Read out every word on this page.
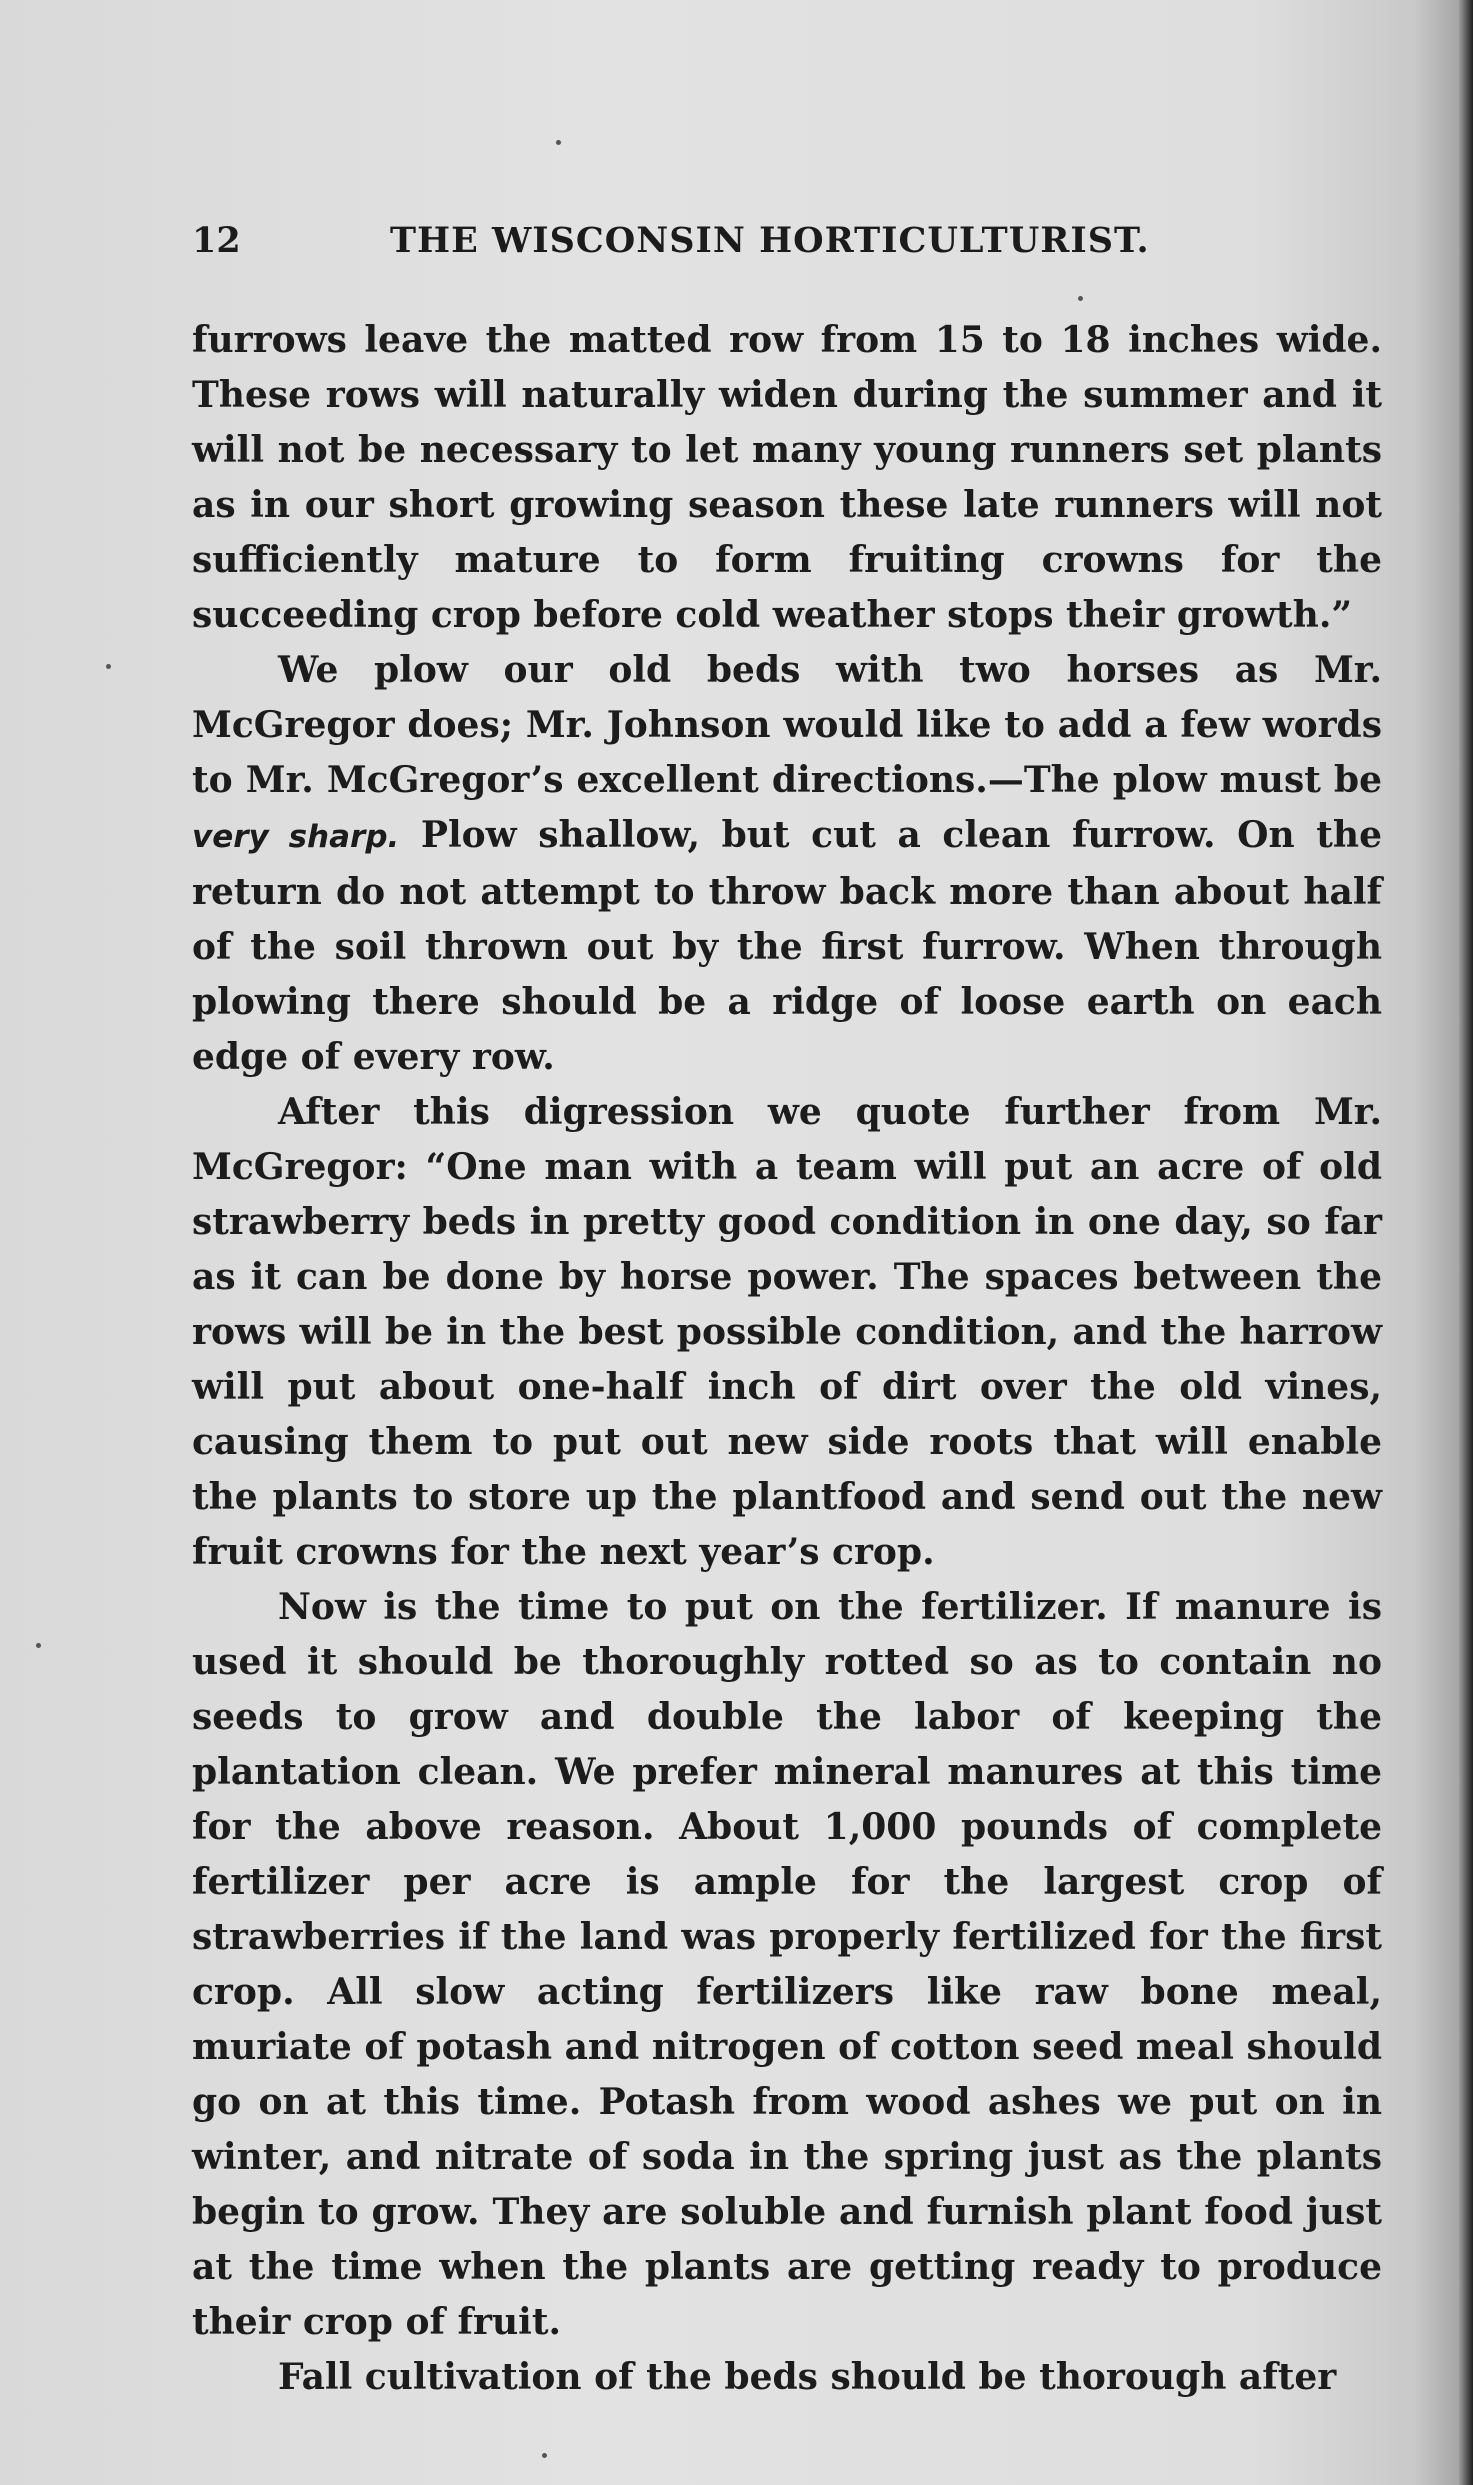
12	THE WISCONSIN HORTICULTURIST.

furrows leave the matted row from 15 to 18 inches wide. These rows will naturally widen during the summer and it will not be necessary to let many young runners set plants as in our short growing season these late runners will not sufficiently mature to form fruiting crowns for the succeeding crop before cold weather stops their growth.”

We plow our old beds with two horses as Mr. McGregor does; Mr. Johnson would like to add a few words to Mr. McGregor’s excellent directions.—The plow must be very sharp. Plow shallow, but cut a clean furrow. On the return do not attempt to throw back more than about half of the soil thrown out by the first furrow. When through plowing there should be a ridge of loose earth on each edge of every row.

After this digression we quote further from Mr. McGregor: “One man with a team will put an acre of old strawberry beds in pretty good condition in one day, so far as it can be done by horse power. The spaces between the rows will be in the best possible condition, and the harrow will put about one-half inch of dirt over the old vines, causing them to put out new side roots that will enable the plants to store up the plantfood and send out the new fruit crowns for the next year’s crop.

Now is the time to put on the fertilizer. If manure is used it should be thoroughly rotted so as to contain no seeds to grow and double the labor of keeping the plantation clean. We prefer mineral manures at this time for the above reason. About 1,000 pounds of complete fertilizer per acre is ample for the largest crop of strawberries if the land was properly fertilized for the first crop. All slow acting fertilizers like raw bone meal, muriate of potash and nitrogen of cotton seed meal should go on at this time. Potash from wood ashes we put on in winter, and nitrate of soda in the spring just as the plants begin to grow. They are soluble and furnish plant food just at the time when the plants are getting ready to produce their crop of fruit.

Fall cultivation of the beds should be thorough after
